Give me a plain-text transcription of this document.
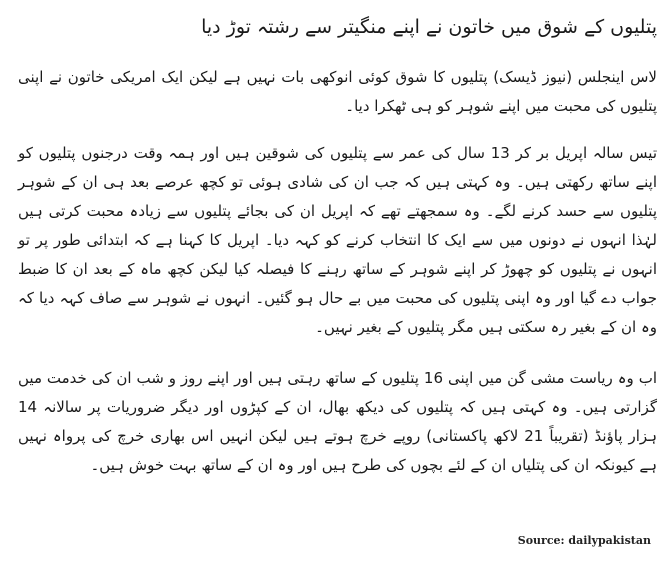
پتلیوں کے شوق میں خاتون نے اپنے منگیتر سے رشتہ توڑ دیا

لاس اینجلس (نیوز ڈیسک) پتلیوں کا شوق کوئی انوکھی بات نہیں ہے لیکن ایک امریکی خاتون نے اپنی پتلیوں کی محبت میں اپنے شوہر کو ہی ٹھکرا دیا۔

تیس سالہ اپریل بر کر 13 سال کی عمر سے پتلیوں کی شوقین ہیں اور ہمہ وقت درجنوں پتلیوں کو اپنے ساتھ رکھتی ہیں۔ وہ کہتی ہیں کہ جب ان کی شادی ہوئی تو کچھ عرصے بعد ہی ان کے شوہر پتلیوں سے حسد کرنے لگے۔ وہ سمجھتے تھے کہ اپریل ان کی بجائے پتلیوں سے زیادہ محبت کرتی ہیں لہٰذا انہوں نے دونوں میں سے ایک کا انتخاب کرنے کو کہہ دیا۔ اپریل کا کہنا ہے کہ ابتدائی طور پر تو انہوں نے پتلیوں کو چھوڑ کر اپنے شوہر کے ساتھ رہنے کا فیصلہ کیا لیکن کچھ ماہ کے بعد ان کا ضبط جواب دے گیا اور وہ اپنی پتلیوں کی محبت میں بے حال ہو گئیں۔ انہوں نے شوہر سے صاف کہہ دیا کہ وہ ان کے بغیر رہ سکتی ہیں مگر پتلیوں کے بغیر نہیں۔

اب وہ ریاست مشی گن میں اپنی 16 پتلیوں کے ساتھ رہتی ہیں اور اپنے روز و شب ان کی خدمت میں گزارتی ہیں۔ وہ کہتی ہیں کہ پتلیوں کی دیکھ بھال، ان کے کپڑوں اور دیگر ضروریات پر سالانہ 14 ہزار پاؤنڈ (تقریباً 21 لاکھ پاکستانی) روپے خرچ ہوتے ہیں لیکن انہیں اس بھاری خرچ کی پرواہ نہیں ہے کیونکہ ان کی پتلیاں ان کے لئے بچوں کی طرح ہیں اور وہ ان کے ساتھ بہت خوش ہیں۔

Source: dailypakistan
